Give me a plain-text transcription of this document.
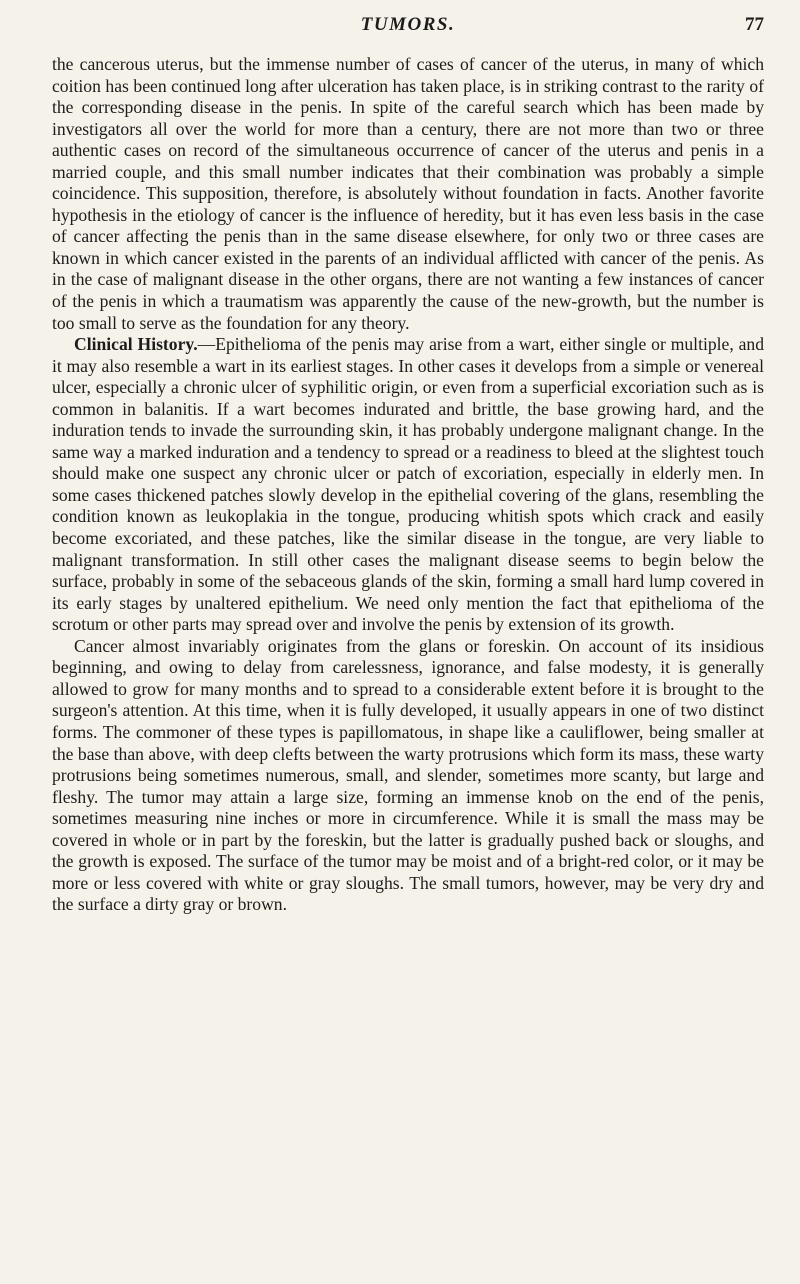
TUMORS.	77

the cancerous uterus, but the immense number of cases of cancer of the uterus, in many of which coition has been continued long after ulceration has taken place, is in striking contrast to the rarity of the corresponding disease in the penis. In spite of the careful search which has been made by investigators all over the world for more than a century, there are not more than two or three authentic cases on record of the simultaneous occurrence of cancer of the uterus and penis in a married couple, and this small number indicates that their combination was probably a simple coincidence. This supposition, therefore, is absolutely without foundation in facts. Another favorite hypothesis in the etiology of cancer is the influence of heredity, but it has even less basis in the case of cancer affecting the penis than in the same disease elsewhere, for only two or three cases are known in which cancer existed in the parents of an individual afflicted with cancer of the penis. As in the case of malignant disease in the other organs, there are not wanting a few instances of cancer of the penis in which a traumatism was apparently the cause of the new-growth, but the number is too small to serve as the foundation for any theory.

Clinical History.—Epithelioma of the penis may arise from a wart, either single or multiple, and it may also resemble a wart in its earliest stages. In other cases it develops from a simple or venereal ulcer, especially a chronic ulcer of syphilitic origin, or even from a superficial excoriation such as is common in balanitis. If a wart becomes indurated and brittle, the base growing hard, and the induration tends to invade the surrounding skin, it has probably undergone malignant change. In the same way a marked induration and a tendency to spread or a readiness to bleed at the slightest touch should make one suspect any chronic ulcer or patch of excoriation, especially in elderly men. In some cases thickened patches slowly develop in the epithelial covering of the glans, resembling the condition known as leukoplakia in the tongue, producing whitish spots which crack and easily become excoriated, and these patches, like the similar disease in the tongue, are very liable to malignant transformation. In still other cases the malignant disease seems to begin below the surface, probably in some of the sebaceous glands of the skin, forming a small hard lump covered in its early stages by unaltered epithelium. We need only mention the fact that epithelioma of the scrotum or other parts may spread over and involve the penis by extension of its growth.

Cancer almost invariably originates from the glans or foreskin. On account of its insidious beginning, and owing to delay from carelessness, ignorance, and false modesty, it is generally allowed to grow for many months and to spread to a considerable extent before it is brought to the surgeon's attention. At this time, when it is fully developed, it usually appears in one of two distinct forms. The commoner of these types is papillomatous, in shape like a cauliflower, being smaller at the base than above, with deep clefts between the warty protrusions which form its mass, these warty protrusions being sometimes numerous, small, and slender, sometimes more scanty, but large and fleshy. The tumor may attain a large size, forming an immense knob on the end of the penis, sometimes measuring nine inches or more in circumference. While it is small the mass may be covered in whole or in part by the foreskin, but the latter is gradually pushed back or sloughs, and the growth is exposed. The surface of the tumor may be moist and of a bright-red color, or it may be more or less covered with white or gray sloughs. The small tumors, however, may be very dry and the surface a dirty gray or brown.
